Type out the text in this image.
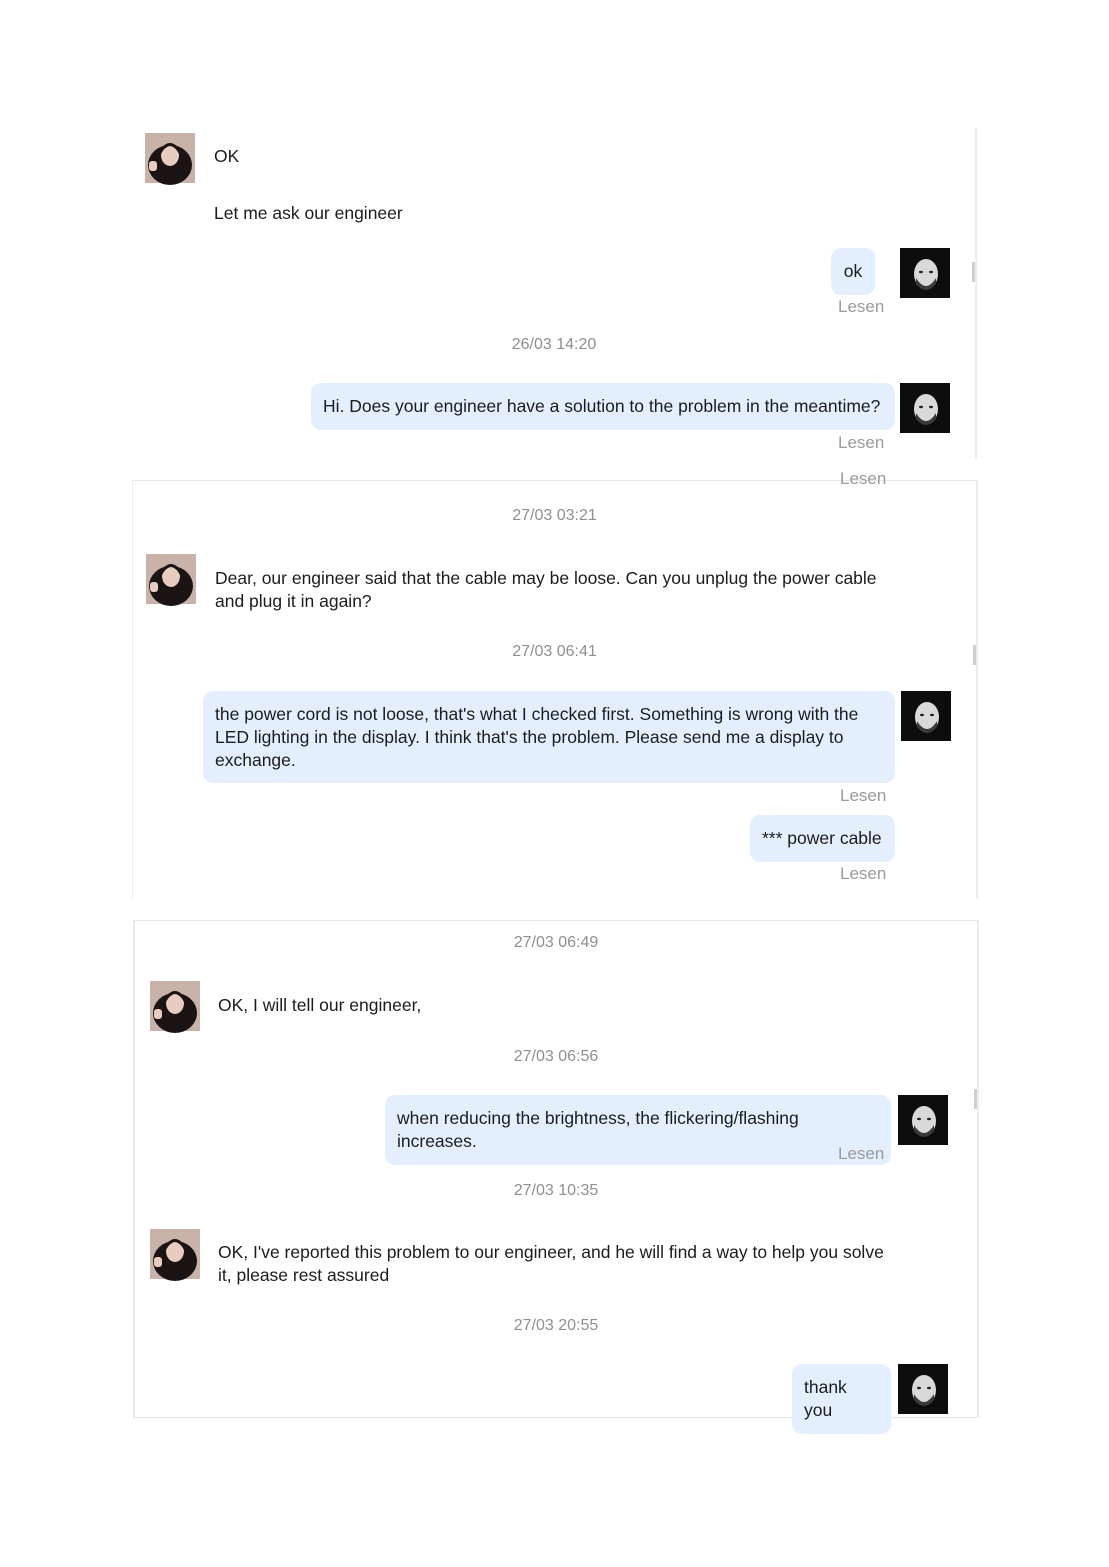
OK
Let me ask our engineer
ok
Lesen
26/03 14:20
Hi. Does your engineer have a solution to the problem in the meantime?
Lesen
Lesen
27/03 03:21
Dear, our engineer said that the cable may be loose. Can you unplug the power cable and plug it in again?
27/03 06:41
the power cord is not loose, that's what I checked first. Something is wrong with the LED lighting in the display. I think that's the problem. Please send me a display to exchange.
Lesen
*** power cable
Lesen
27/03 06:49
OK, I will tell our engineer,
27/03 06:56
when reducing the brightness, the flickering/flashing increases.
Lesen
27/03 10:35
OK, I've reported this problem to our engineer, and he will find a way to help you solve it, please rest assured
27/03 20:55
thank you
